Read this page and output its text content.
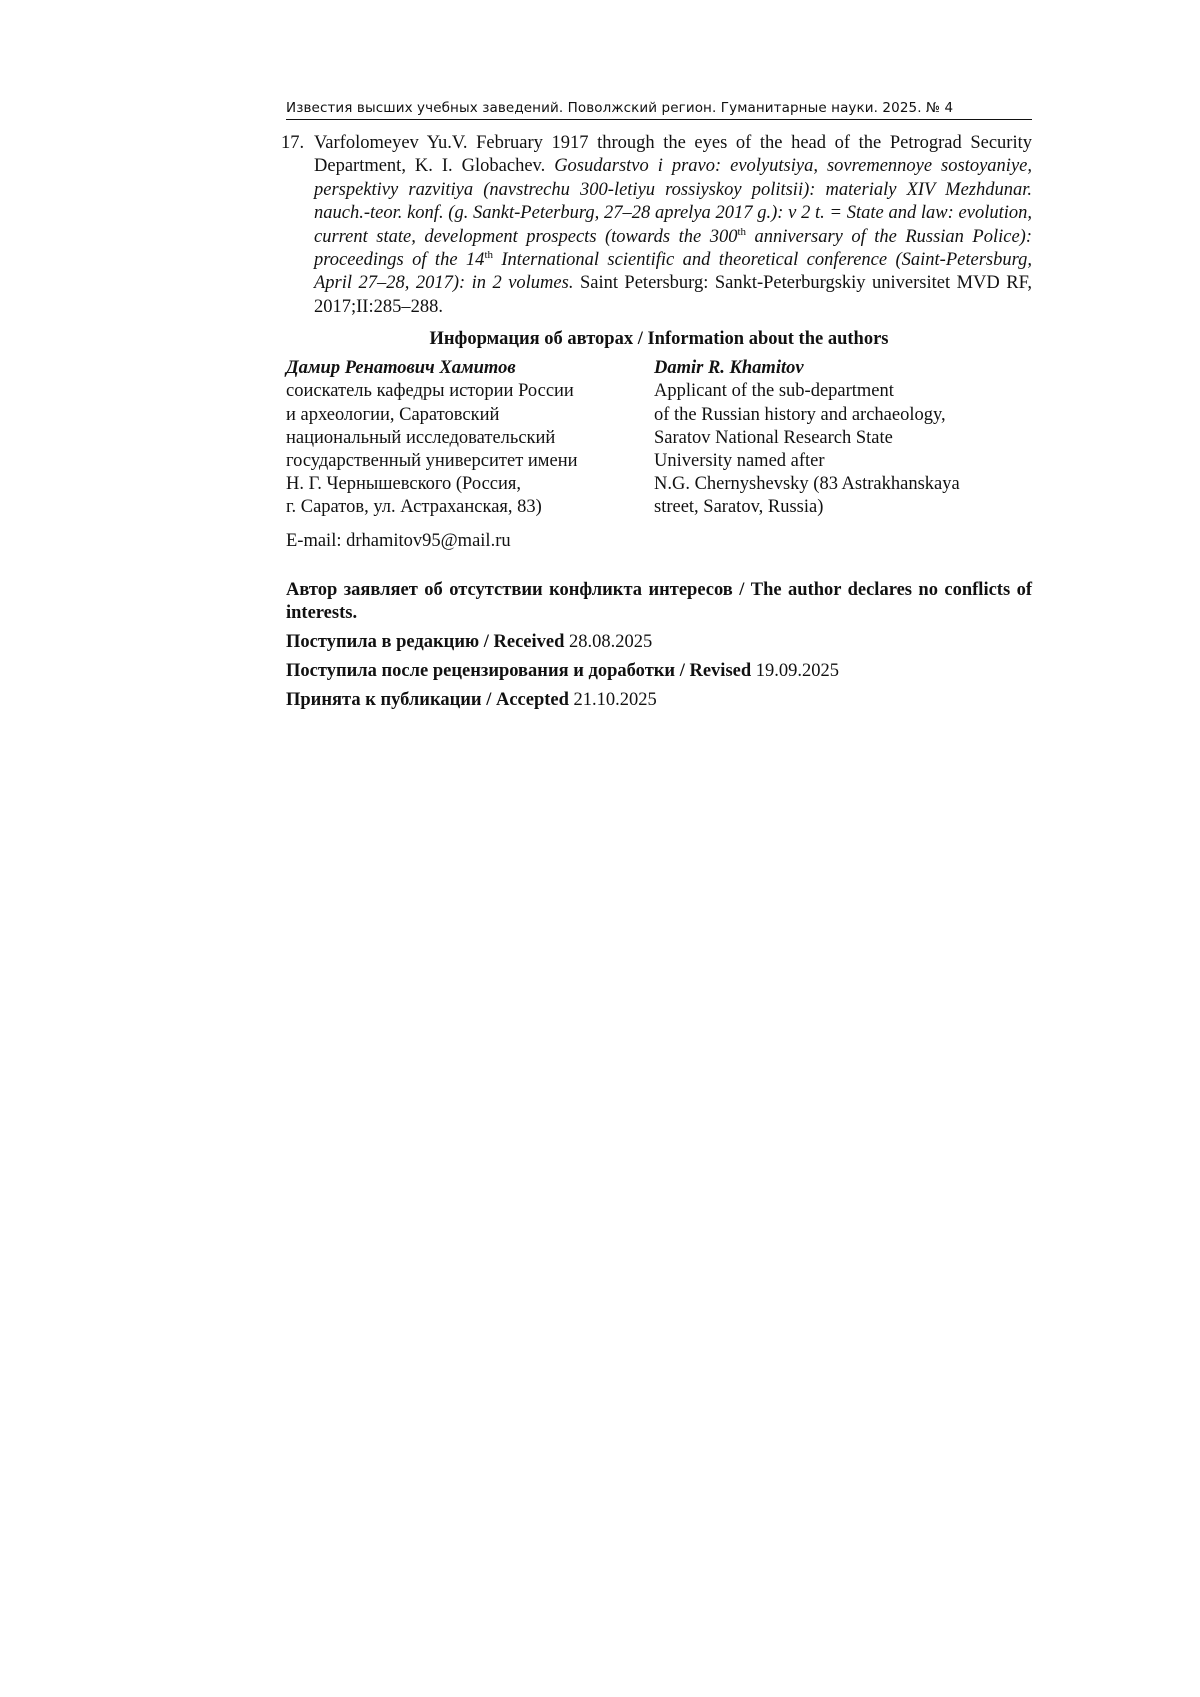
Известия высших учебных заведений. Поволжский регион. Гуманитарные науки. 2025. № 4
17. Varfolomeyev Yu.V. February 1917 through the eyes of the head of the Petrograd Security Department, K. I. Globachev. Gosudarstvo i pravo: evolyutsiya, sovremennoye sostoyaniye, perspektivy razvitiya (navstrechu 300-letiyu rossiyskoy politsii): materialy XIV Mezhdunar. nauch.-teor. konf. (g. Sankt-Peterburg, 27–28 aprelya 2017 g.): v 2 t. = State and law: evolution, current state, development prospects (towards the 300th anniversary of the Russian Police): proceedings of the 14th International scientific and theoretical conference (Saint-Petersburg, April 27–28, 2017): in 2 volumes. Saint Petersburg: Sankt-Peterburgskiy universitet MVD RF, 2017;II:285–288.
Информация об авторах / Information about the authors
Дамир Ренатович Хамитов
соискатель кафедры истории России
и археологии, Саратовский
национальный исследовательский
государственный университет имени
Н. Г. Чернышевского (Россия,
г. Саратов, ул. Астраханская, 83)
Damir R. Khamitov
Applicant of the sub-department
of the Russian history and archaeology,
Saratov National Research State
University named after
N.G. Chernyshevsky (83 Astrakhanskaya
street, Saratov, Russia)
E-mail: drhamitov95@mail.ru
Автор заявляет об отсутствии конфликта интересов / The author declares no conflicts of interests.
Поступила в редакцию / Received 28.08.2025
Поступила после рецензирования и доработки / Revised 19.09.2025
Принята к публикации / Accepted 21.10.2025
